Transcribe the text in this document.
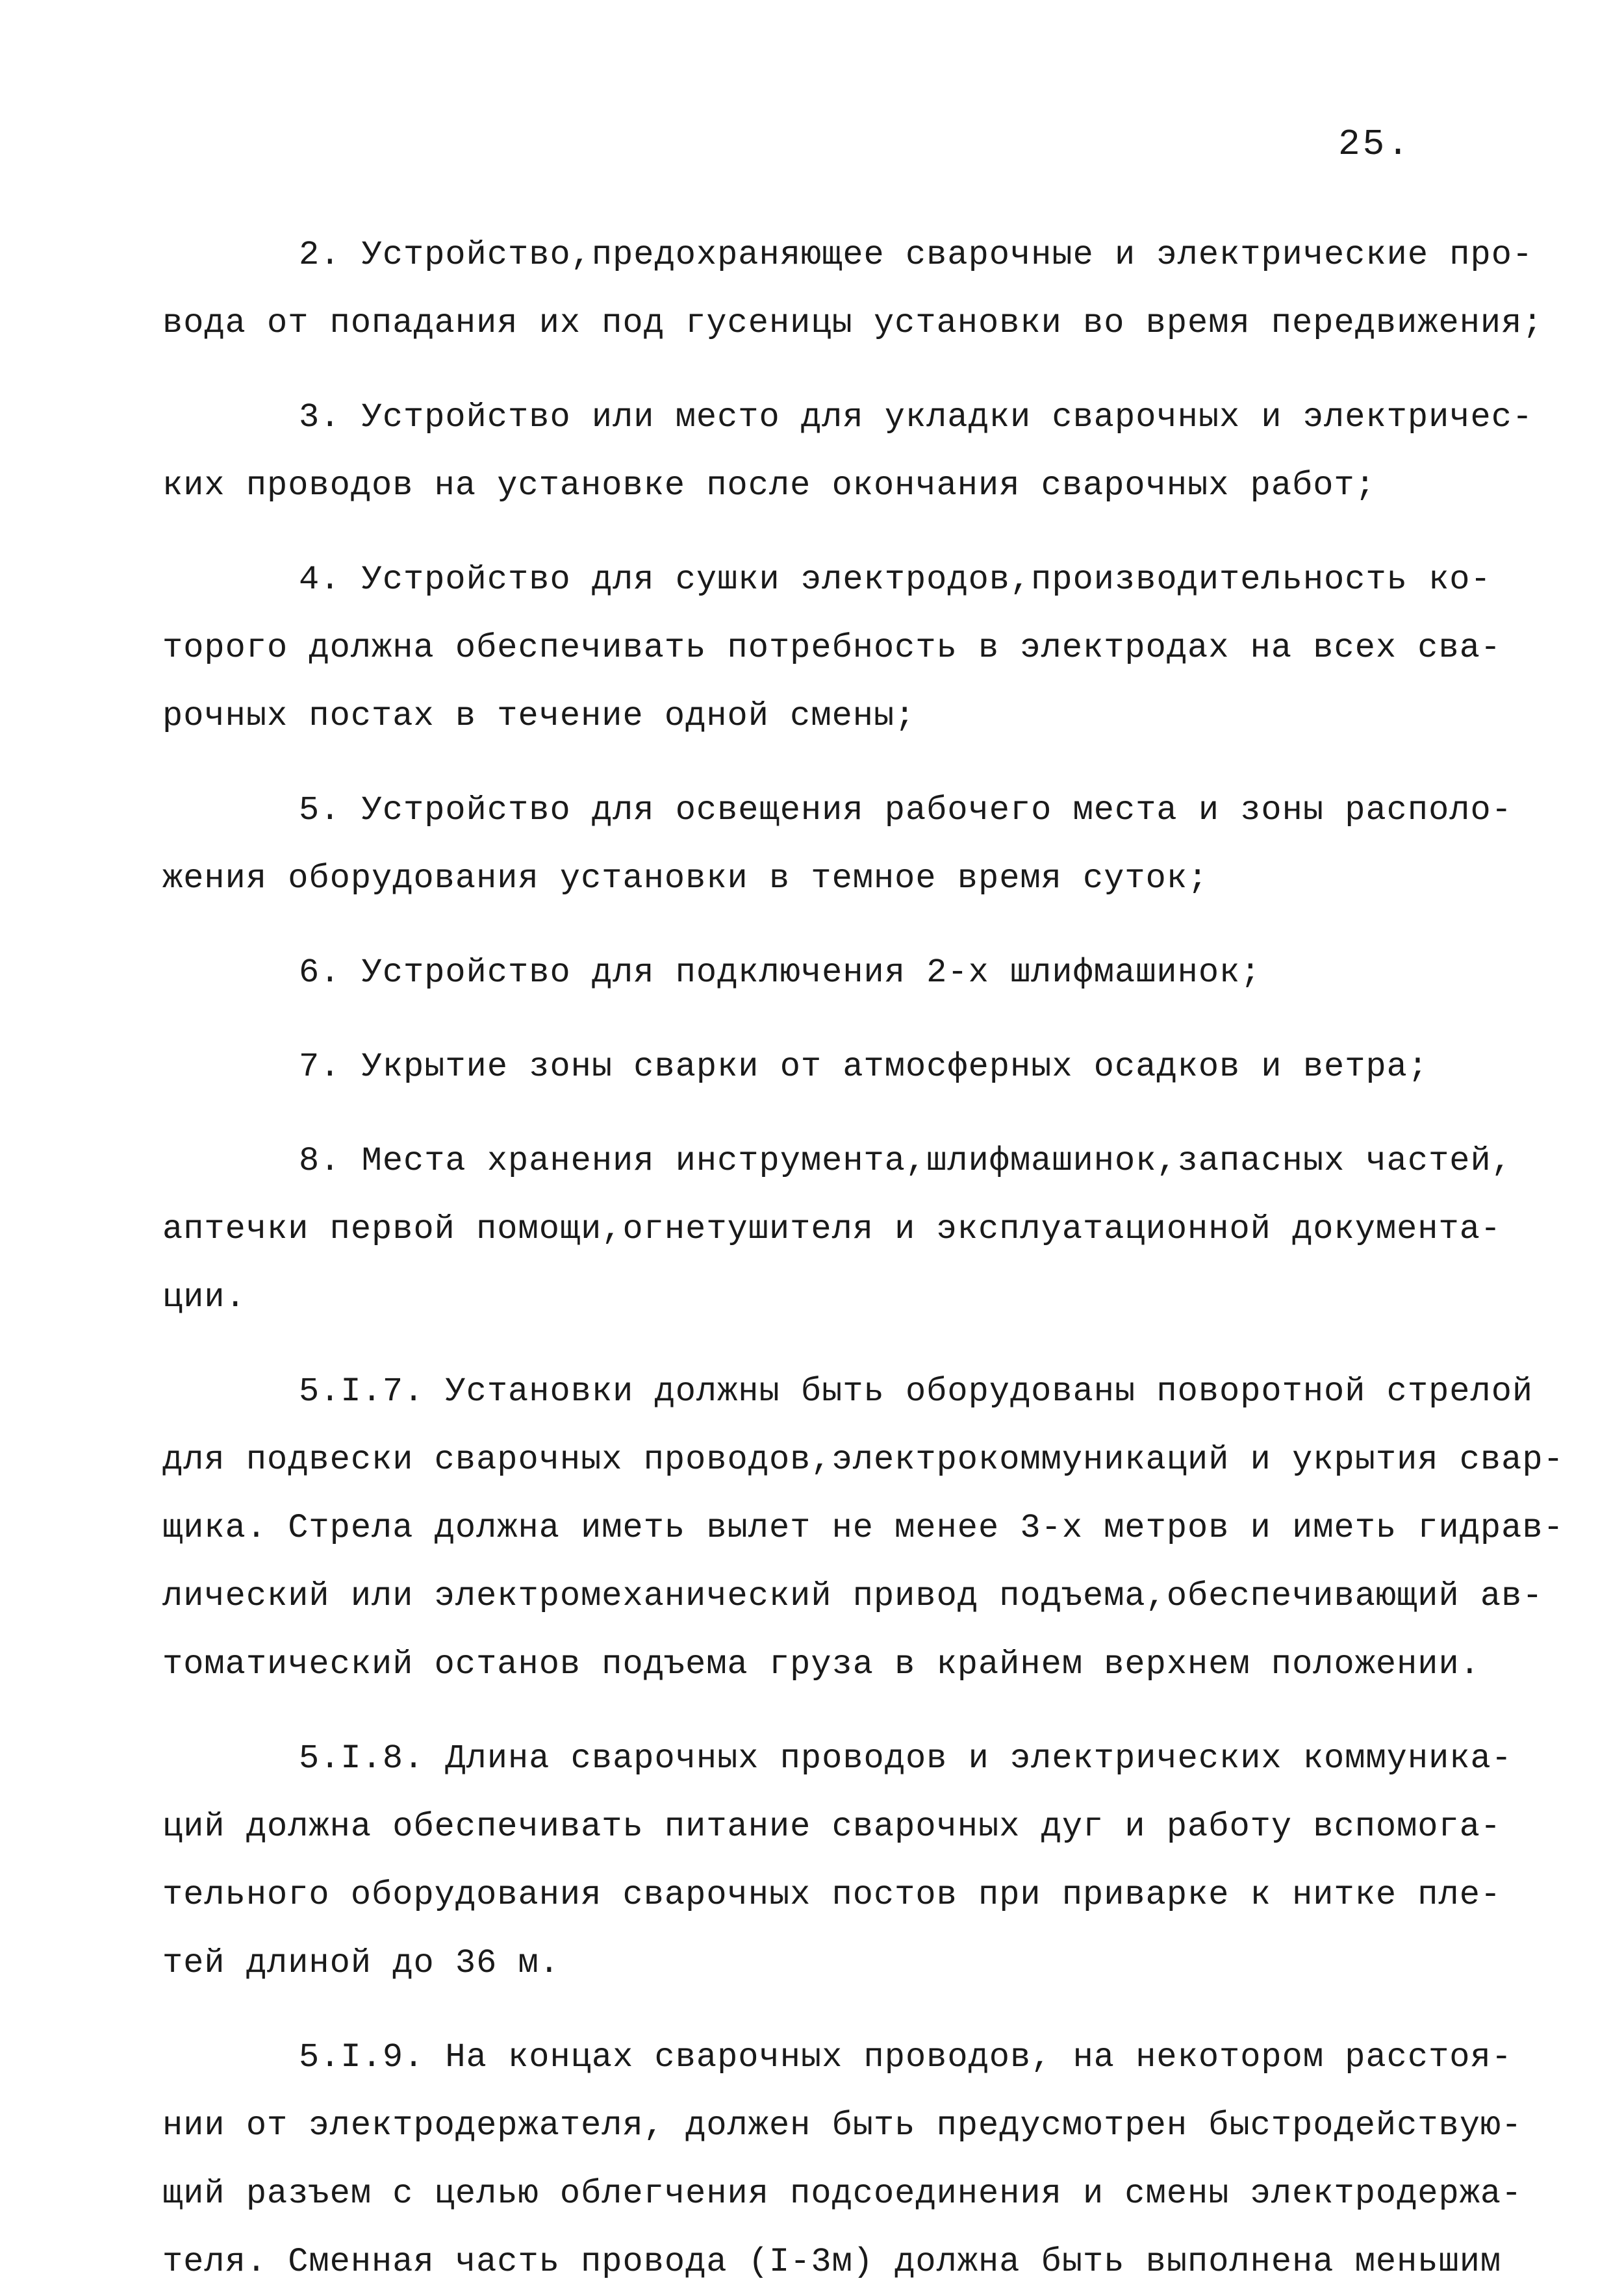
25.
2. Устройство,предохраняющее сварочные и электрические про-
вода от попадания их под гусеницы установки во время передвижения;
3. Устройство или место для укладки сварочных и электричес-
ких проводов на установке после окончания сварочных работ;
4. Устройство для сушки электродов,производительность ко-
торого должна обеспечивать потребность в электродах на всех сва-
рочных постах в течение одной смены;
5. Устройство для освещения рабочего места и зоны располо-
жения оборудования установки в темное время суток;
6. Устройство для подключения 2-х шлифмашинок;
7. Укрытие зоны сварки от атмосферных осадков и ветра;
8. Места хранения инструмента,шлифмашинок,запасных частей,
аптечки первой помощи,огнетушителя и эксплуатационной документа-
ции.
5.I.7. Установки должны быть оборудованы поворотной стрелой
для подвески сварочных проводов,электрокоммуникаций и укрытия свар-
щика. Стрела должна иметь вылет не менее 3-х метров и иметь гидрав-
лический или электромеханический привод подъема,обеспечивающий ав-
томатический останов подъема груза в крайнем верхнем положении.
5.I.8. Длина сварочных проводов и электрических коммуника-
ций должна обеспечивать питание сварочных дуг и работу вспомога-
тельного оборудования сварочных постов при приварке к нитке пле-
тей длиной до 36 м.
5.I.9. На концах сварочных проводов, на некотором расстоя-
нии от электродержателя, должен быть предусмотрен быстродействую-
щий разъем с целью облегчения подсоединения и смены электродержа-
теля. Сменная часть провода (I-3м) должна быть выполнена меньшим
